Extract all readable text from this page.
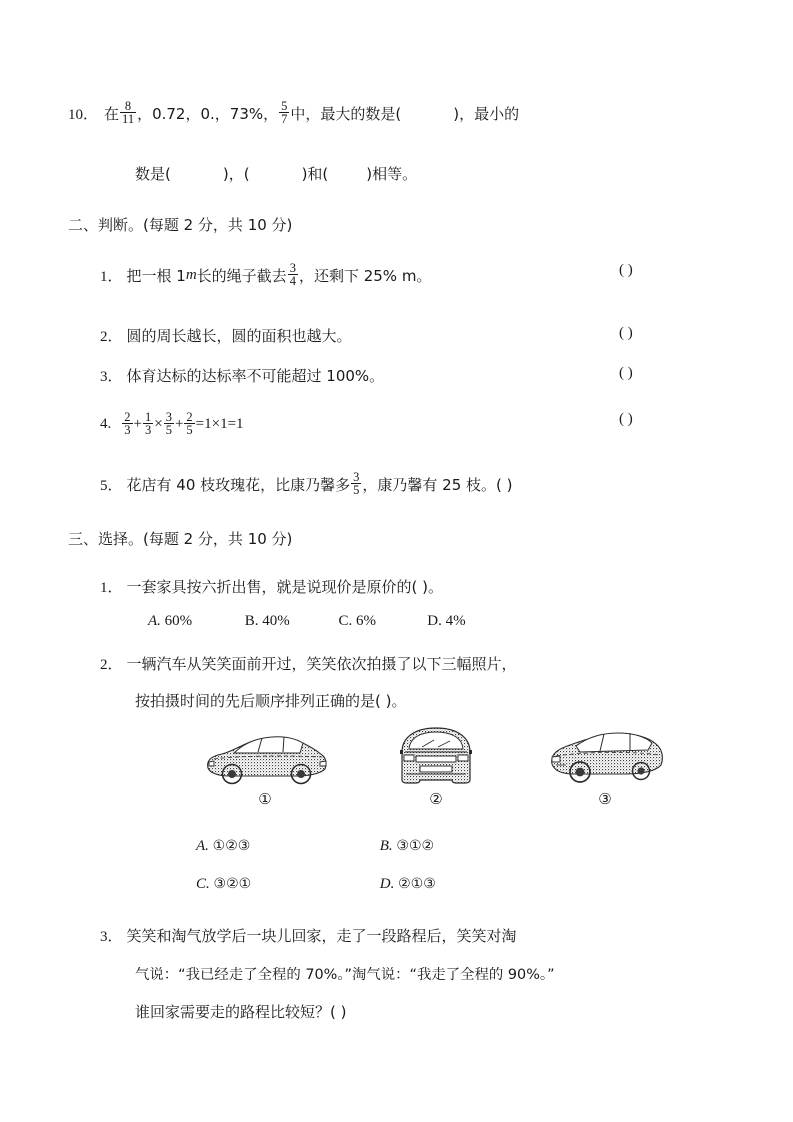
10． 在 $\frac{8}{11}$ ，0.72，0.，73%， $\frac{5}{7}$ 中，最大的数是(	)，最小的
数是(	)，(	)和(	)相等。
二、判断。(每题 2 分，共 10 分)
1． 把一根 1 m 长的绳子截去 $\frac{3}{4}$ ，还剩下 25% m。	( )
2． 圆的周长越长，圆的面积也越大。	( )
3． 体育达标的达标率不可能超过 100%。	( )
4. $\frac{2}{3} + \frac{1}{3} \times \frac{3}{5} + \frac{2}{5} =1\times 1=1$	( )
5． 花店有 40 枝玫瑰花，比康乃馨多 $\frac{3}{5}$ ，康乃馨有 25 枝。( )
三、选择。(每题 2 分，共 10 分)
1． 一套家具按六折出售，就是说现价是原价的( )。
A. 60%	B. 40%	C. 6%	D. 4%
2． 一辆汽车从笑笑面前开过，笑笑依次拍摄了以下三幅照片，
按拍摄时间的先后顺序排列正确的是( )。
①	②	③
A. ①②③	B. ③①②
C. ③②①	D. ②①③
3． 笑笑和淘气放学后一块儿回家，走了一段路程后，笑笑对淘
气说：“我已经走了全程的 70%。”淘气说：“我走了全程的 90%。”
谁回家需要走的路程比较短？( )
